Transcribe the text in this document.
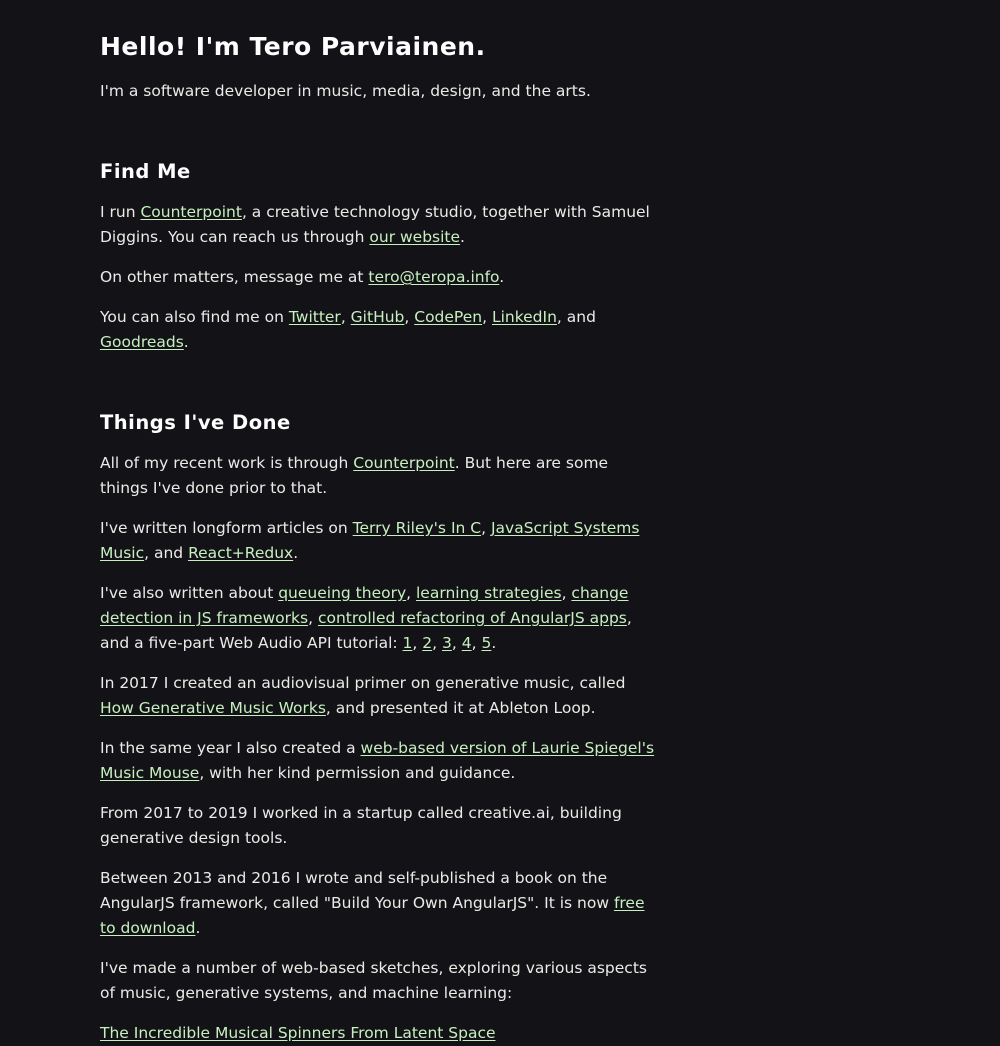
Hello! I'm Tero Parviainen.

I'm a software developer in music, media, design, and the arts.

Find Me

I run Counterpoint, a creative technology studio, together with Samuel Diggins. You can reach us through our website.

On other matters, message me at tero@teropa.info.

You can also find me on Twitter, GitHub, CodePen, LinkedIn, and Goodreads.

Things I've Done

All of my recent work is through Counterpoint. But here are some things I've done prior to that.

I've written longform articles on Terry Riley's In C, JavaScript Systems Music, and React+Redux.

I've also written about queueing theory, learning strategies, change detection in JS frameworks, controlled refactoring of AngularJS apps, and a five-part Web Audio API tutorial: 1, 2, 3, 4, 5.

In 2017 I created an audiovisual primer on generative music, called How Generative Music Works, and presented it at Ableton Loop.

In the same year I also created a web-based version of Laurie Spiegel's Music Mouse, with her kind permission and guidance.

From 2017 to 2019 I worked in a startup called creative.ai, building generative design tools.

Between 2013 and 2016 I wrote and self-published a book on the AngularJS framework, called "Build Your Own AngularJS". It is now free to download.

I've made a number of web-based sketches, exploring various aspects of music, generative systems, and machine learning:

The Incredible Musical Spinners From Latent Space
